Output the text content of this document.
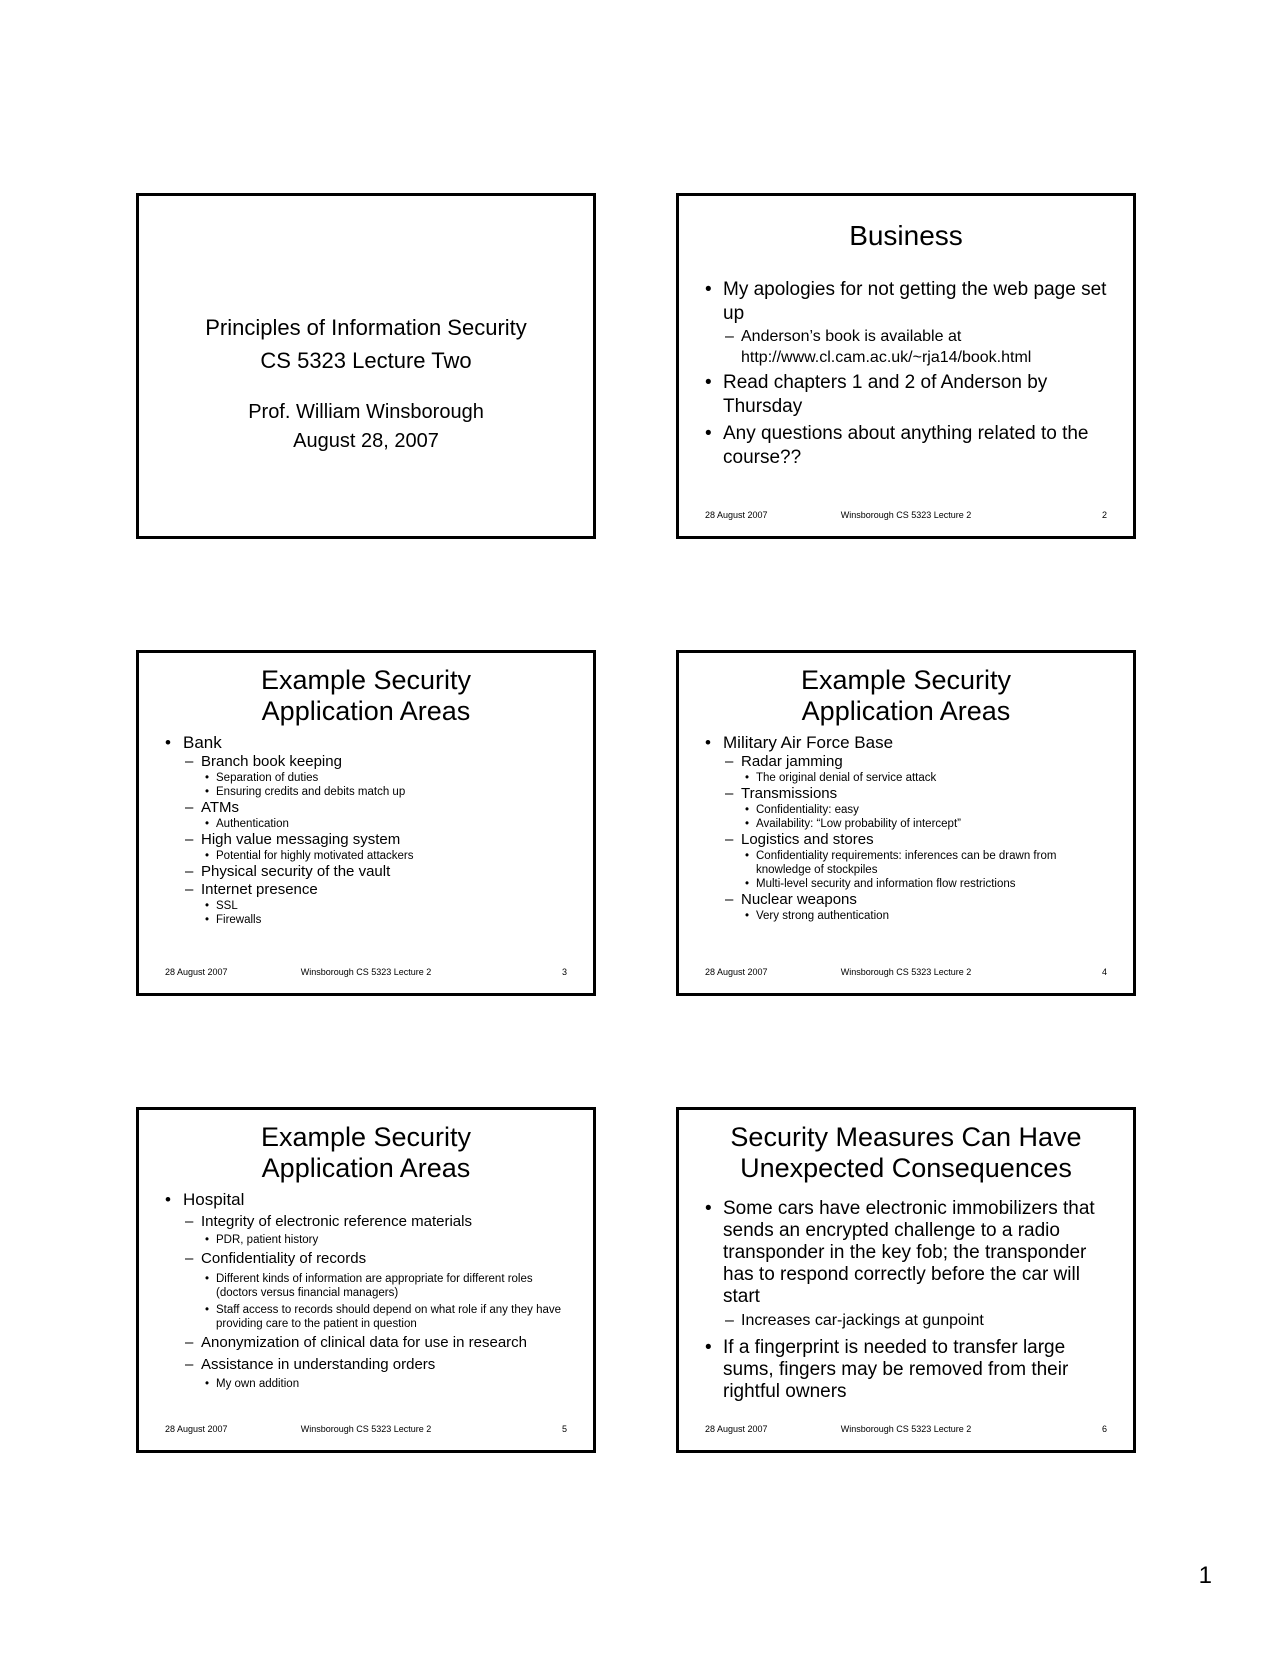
Principles of Information Security
CS 5323 Lecture Two
Prof. William Winsborough
August 28, 2007
Business
• My apologies for not getting the web page set up
– Anderson’s book is available at http://www.cl.cam.ac.uk/~rja14/book.html
• Read chapters 1 and 2 of Anderson by Thursday
• Any questions about anything related to the course??
28 August 2007	Winsborough CS 5323 Lecture 2	2
Example Security
Application Areas
• Bank
– Branch book keeping
• Separation of duties
• Ensuring credits and debits match up
– ATMs
• Authentication
– High value messaging system
• Potential for highly motivated attackers
– Physical security of the vault
– Internet presence
• SSL
• Firewalls
28 August 2007	Winsborough CS 5323 Lecture 2	3
Example Security
Application Areas
• Military Air Force Base
– Radar jamming
• The original denial of service attack
– Transmissions
• Confidentiality: easy
• Availability: “Low probability of intercept”
– Logistics and stores
• Confidentiality requirements: inferences can be drawn from knowledge of stockpiles
• Multi-level security and information flow restrictions
– Nuclear weapons
• Very strong authentication
28 August 2007	Winsborough CS 5323 Lecture 2	4
Example Security
Application Areas
• Hospital
– Integrity of electronic reference materials
• PDR, patient history
– Confidentiality of records
• Different kinds of information are appropriate for different roles (doctors versus financial managers)
• Staff access to records should depend on what role if any they have providing care to the patient in question
– Anonymization of clinical data for use in research
– Assistance in understanding orders
• My own addition
28 August 2007	Winsborough CS 5323 Lecture 2	5
Security Measures Can Have
Unexpected Consequences
• Some cars have electronic immobilizers that sends an encrypted challenge to a radio transponder in the key fob; the transponder has to respond correctly before the car will start
– Increases car-jackings at gunpoint
• If a fingerprint is needed to transfer large sums, fingers may be removed from their rightful owners
28 August 2007	Winsborough CS 5323 Lecture 2	6
1
